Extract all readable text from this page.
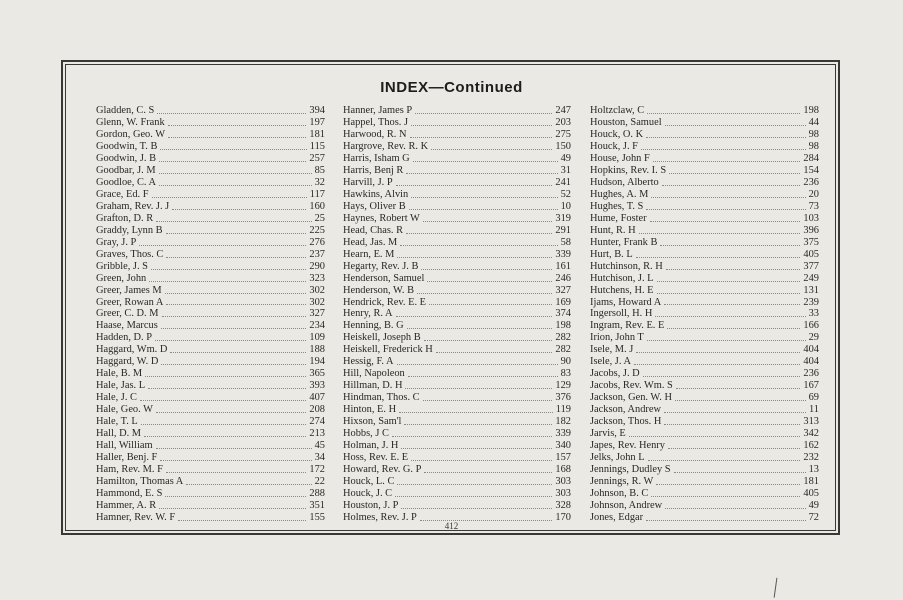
INDEX—Continued
Gladden, C. S	394
Glenn, W. Frank	197
Gordon, Geo. W	181
Goodwin, T. B	115
Goodwin, J. B	257
Goodbar, J. M	85
Goodloe, C. A	32
Grace, Ed. F	117
Graham, Rev. J. J	160
Grafton, D. R	25
Graddy, Lynn B	225
Gray, J. P	276
Graves, Thos. C	237
Gribble, J. S	290
Green, John	323
Greer, James M	302
Greer, Rowan A	302
Greer, C. D. M	327
Haase, Marcus	234
Hadden, D. P	109
Haggard, Wm. D	188
Haggard, W. D	194
Hale, B. M	365
Hale, Jas. L	393
Hale, J. C	407
Hale, Geo. W	208
Hale, T. L	274
Hall, D. M	213
Hall, William	45
Haller, Benj. F	34
Ham, Rev. M. F	172
Hamilton, Thomas A	22
Hammond, E. S	288
Hammer, A. R	351
Hamner, Rev. W. F	155
Hanner, James P	247
Happel, Thos. J	203
Harwood, R. N	275
Hargrove, Rev. R. K	150
Harris, Isham G	49
Harris, Benj R	31
Harvill, J. P	241
Hawkins, Alvin	52
Hays, Oliver B	10
Haynes, Robert W	319
Head, Chas. R	291
Head, Jas. M	58
Hearn, E. M	339
Hegarty, Rev. J. B	161
Henderson, Samuel	246
Henderson, W. B	327
Hendrick, Rev. E. E	169
Henry, R. A	374
Henning, B. G	198
Heiskell, Joseph B	282
Heiskell, Frederick H	282
Hessig, F. A	90
Hill, Napoleon	83
Hillman, D. H	129
Hindman, Thos. C	376
Hinton, E. H	119
Hixson, Sam'l	182
Hobbs, J C	339
Holman, J. H	340
Hoss, Rev. E. E	157
Howard, Rev. G. P	168
Houck, L. C	303
Houck, J. C	303
Houston, J. P	328
Holmes, Rev. J. P	170
Holtzclaw, C	198
Houston, Samuel	44
Houck, O. K	98
Houck, J. F	98
House, John F	284
Hopkins, Rev. I. S	154
Hudson, Alberto	236
Hughes, A. M	20
Hughes, T. S	73
Hume, Foster	103
Hunt, R. H	396
Hunter, Frank B	375
Hurt, B. L	405
Hutchinson, R. H	377
Hutchison, J. L	249
Hutchens, H. E	131
Ijams, Howard A	239
Ingersoll, H. H	33
Ingram, Rev. E. E	166
Irion, John T	29
Isele, M. J	404
Isele, J. A	404
Jacobs, J. D	236
Jacobs, Rev. Wm. S	167
Jackson, Gen. W. H	69
Jackson, Andrew	11
Jackson, Thos. H	313
Jarvis, E	342
Japes, Rev. Henry	162
Jelks, John L	232
Jennings, Dudley S	13
Jennings, R. W	181
Johnson, B. C	405
Johnson, Andrew	49
Jones, Edgar	72
412
